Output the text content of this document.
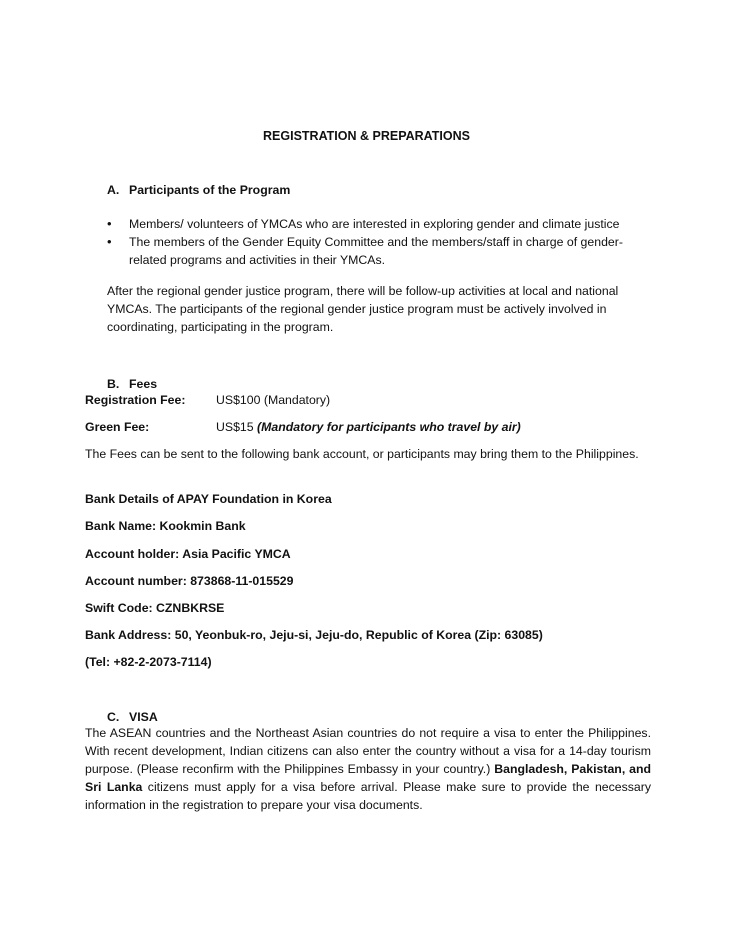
REGISTRATION & PREPARATIONS
A. Participants of the Program
• Members/ volunteers of YMCAs who are interested in exploring gender and climate justice
• The members of the Gender Equity Committee and the members/staff in charge of gender-related programs and activities in their YMCAs.
After the regional gender justice program, there will be follow-up activities at local and national YMCAs. The participants of the regional gender justice program must be actively involved in coordinating, participating in the program.
B. Fees
Registration Fee: US$100 (Mandatory)
Green Fee:	US$15 (Mandatory for participants who travel by air)
The Fees can be sent to the following bank account, or participants may bring them to the Philippines.
Bank Details of APAY Foundation in Korea
Bank Name: Kookmin Bank
Account holder: Asia Pacific YMCA
Account number: 873868-11-015529
Swift Code: CZNBKRSE
Bank Address: 50, Yeonbuk-ro, Jeju-si, Jeju-do, Republic of Korea (Zip: 63085)
(Tel: +82-2-2073-7114)
C. VISA
The ASEAN countries and the Northeast Asian countries do not require a visa to enter the Philippines. With recent development, Indian citizens can also enter the country without a visa for a 14-day tourism purpose. (Please reconfirm with the Philippines Embassy in your country.) Bangladesh, Pakistan, and Sri Lanka citizens must apply for a visa before arrival. Please make sure to provide the necessary information in the registration to prepare your visa documents.
